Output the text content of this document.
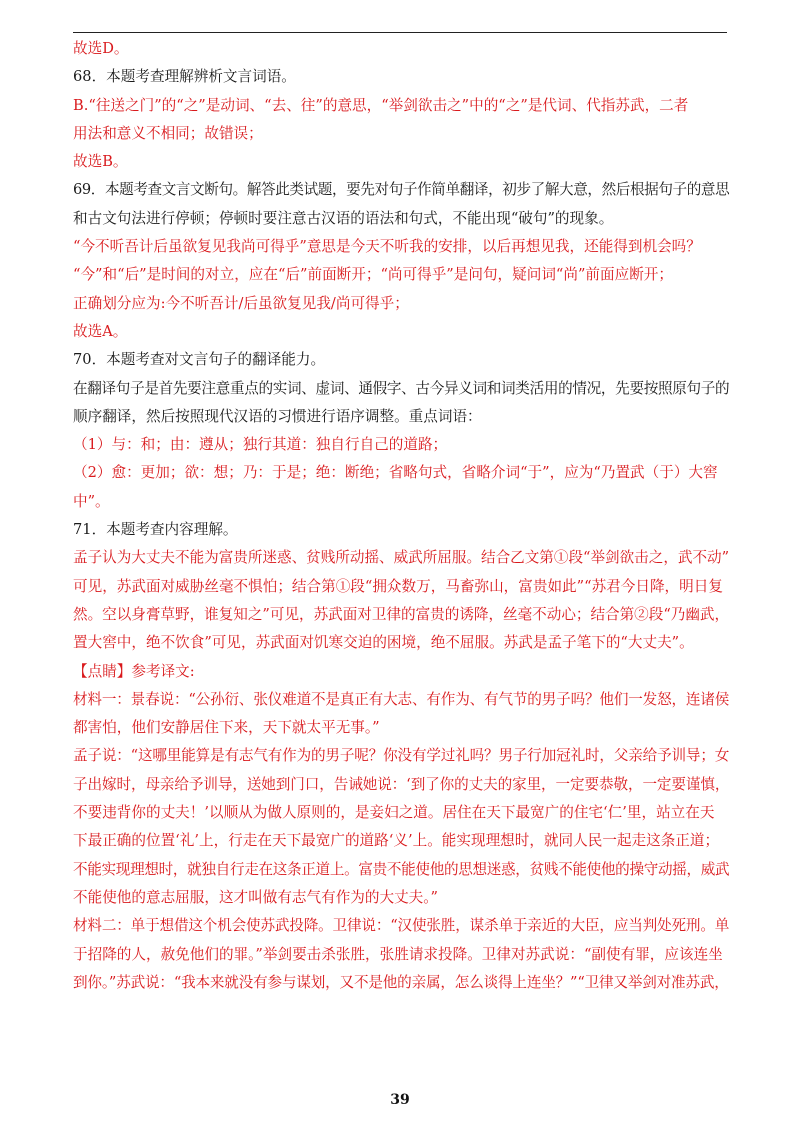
故选D。
68．本题考查理解辨析文言词语。
B.“往送之门”的“之”是动词、“去、往”的意思，“举剑欲击之”中的“之”是代词、代指苏武，二者
用法和意义不相同；故错误；
故选B。
69．本题考查文言文断句。解答此类试题，要先对句子作简单翻译，初步了解大意，然后根据句子的意思
和古文句法进行停顿；停顿时要注意古汉语的语法和句式，不能出现“破句”的现象。
“今不听吾计后虽欲复见我尚可得乎”意思是今天不听我的安排，以后再想见我，还能得到机会吗？
“今”和“后”是时间的对立，应在“后”前面断开；“尚可得乎”是问句，疑问词“尚”前面应断开；
正确划分应为:今不听吾计/后虽欲复见我/尚可得乎；
故选A。
70．本题考查对文言句子的翻译能力。
在翻译句子是首先要注意重点的实词、虚词、通假字、古今异义词和词类活用的情况，先要按照原句子的
顺序翻译，然后按照现代汉语的习惯进行语序调整。重点词语：
（1）与：和；由：遵从；独行其道：独自行自己的道路；
（2）愈：更加；欲：想；乃：于是；绝：断绝；省略句式，省略介词“于”，应为“乃置武（于）大窖
中”。
71．本题考查内容理解。
孟子认为大丈夫不能为富贵所迷惑、贫贱所动摇、威武所屈服。结合乙文第①段“举剑欲击之，武不动”
可见，苏武面对威胁丝毫不惧怕；结合第①段“拥众数万，马畜弥山，富贵如此”“苏君今日降，明日复
然。空以身膏草野，谁复知之”可见，苏武面对卫律的富贵的诱降，丝毫不动心；结合第②段“乃幽武，
置大窖中，绝不饮食”可见，苏武面对饥寒交迫的困境，绝不屈服。苏武是孟子笔下的“大丈夫”。
【点睛】参考译文:
材料一：景春说：“公孙衍、张仪难道不是真正有大志、有作为、有气节的男子吗？他们一发怒，连诸侯
都害怕，他们安静居住下来，天下就太平无事。”
孟子说：“这哪里能算是有志气有作为的男子呢？你没有学过礼吗？男子行加冠礼时，父亲给予训导；女
子出嫁时，母亲给予训导，送她到门口，告诫她说：‘到了你的丈夫的家里，一定要恭敬，一定要谨慎，
不要违背你的丈夫！’以顺从为做人原则的，是妾妇之道。居住在天下最宽广的住宅‘仁’里，站立在天
下最正确的位置‘礼’上，行走在天下最宽广的道路‘义’上。能实现理想时，就同人民一起走这条正道；
不能实现理想时，就独自行走在这条正道上。富贵不能使他的思想迷惑，贫贱不能使他的操守动摇，威武
不能使他的意志屈服，这才叫做有志气有作为的大丈夫。”
材料二：单于想借这个机会使苏武投降。卫律说：“汉使张胜，谋杀单于亲近的大臣，应当判处死刑。单
于招降的人，赦免他们的罪。”举剑要击杀张胜，张胜请求投降。卫律对苏武说：“副使有罪，应该连坐
到你。”苏武说：“我本来就没有参与谋划，又不是他的亲属，怎么谈得上连坐？”“卫律又举剑对准苏武，
39
